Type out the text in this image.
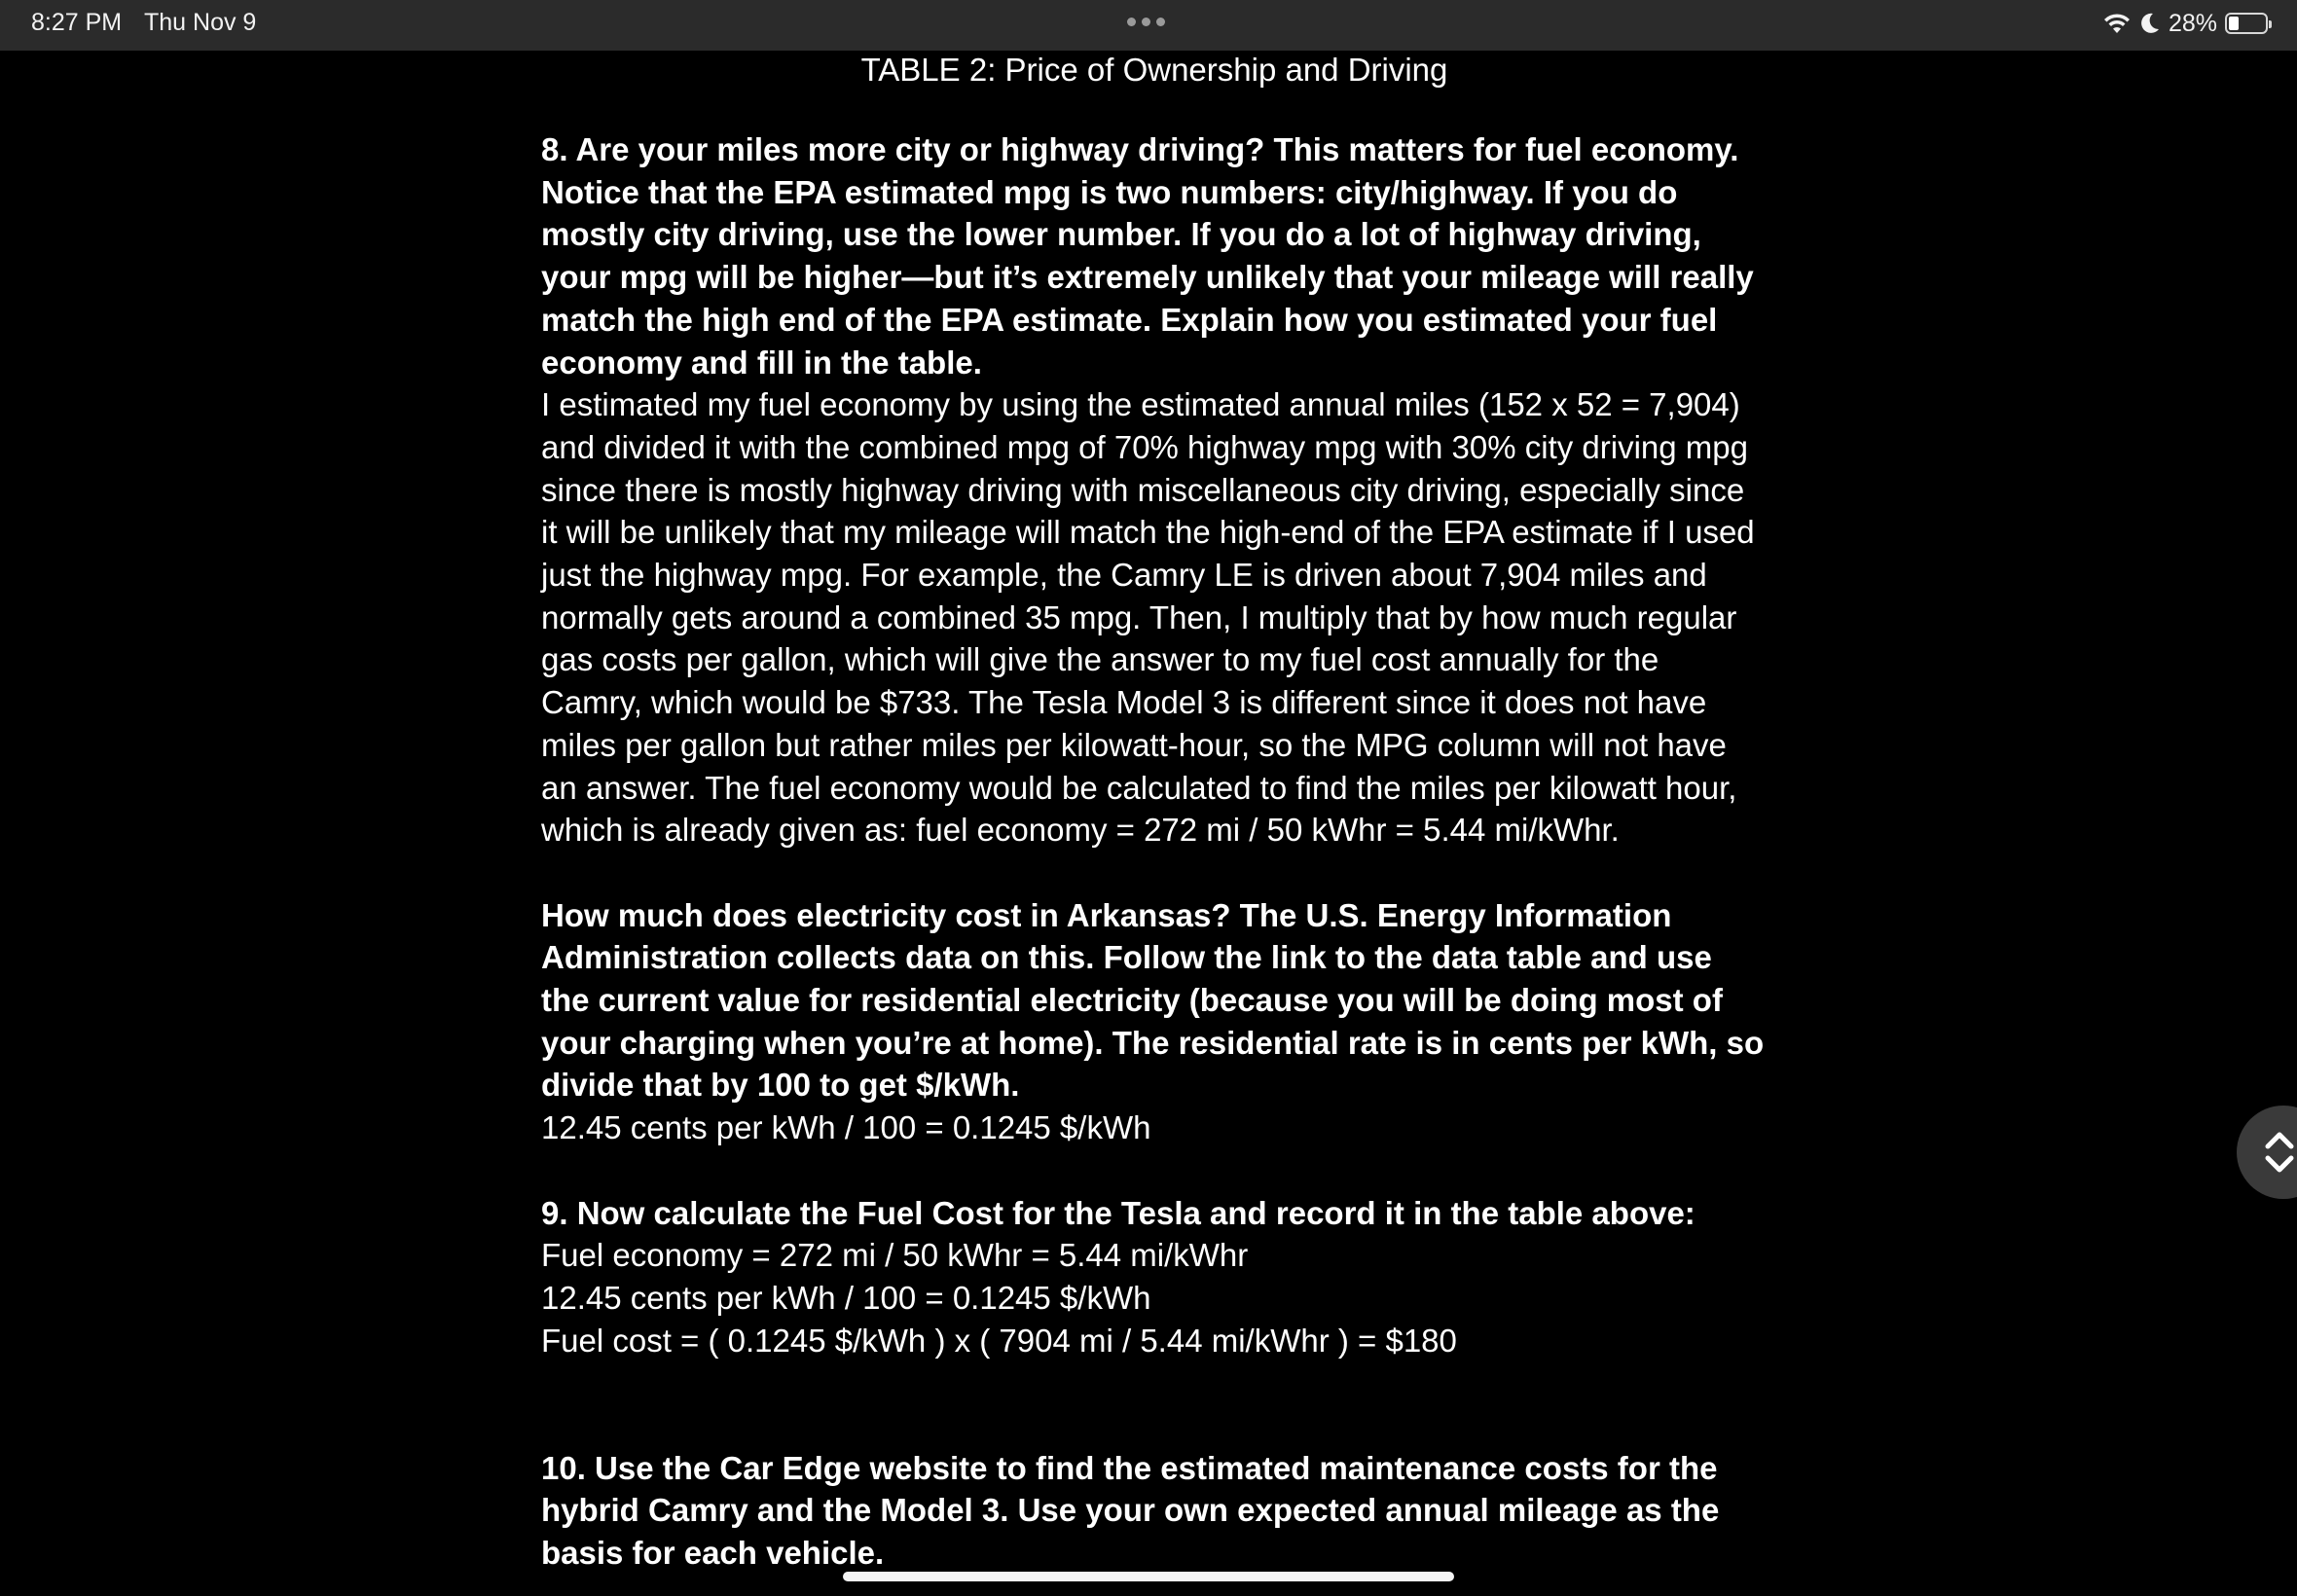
8:27 PM Thu Nov 9	28%
TABLE 2: Price of Ownership and Driving

8. Are your miles more city or highway driving? This matters for fuel economy. Notice that the EPA estimated mpg is two numbers: city/highway. If you do mostly city driving, use the lower number. If you do a lot of highway driving, your mpg will be higher—but it’s extremely unlikely that your mileage will really match the high end of the EPA estimate. Explain how you estimated your fuel economy and fill in the table.

I estimated my fuel economy by using the estimated annual miles (152 x 52 = 7,904) and divided it with the combined mpg of 70% highway mpg with 30% city driving mpg since there is mostly highway driving with miscellaneous city driving, especially since it will be unlikely that my mileage will match the high-end of the EPA estimate if I used just the highway mpg. For example, the Camry LE is driven about 7,904 miles and normally gets around a combined 35 mpg. Then, I multiply that by how much regular gas costs per gallon, which will give the answer to my fuel cost annually for the Camry, which would be $733. The Tesla Model 3 is different since it does not have miles per gallon but rather miles per kilowatt-hour, so the MPG column will not have an answer. The fuel economy would be calculated to find the miles per kilowatt hour, which is already given as: fuel economy = 272 mi / 50 kWhr = 5.44 mi/kWhr.

How much does electricity cost in Arkansas? The U.S. Energy Information Administration collects data on this. Follow the link to the data table and use the current value for residential electricity (because you will be doing most of your charging when you’re at home). The residential rate is in cents per kWh, so divide that by 100 to get $/kWh.

12.45 cents per kWh / 100 = 0.1245 $/kWh

9. Now calculate the Fuel Cost for the Tesla and record it in the table above:

Fuel economy = 272 mi / 50 kWhr = 5.44 mi/kWhr

12.45 cents per kWh / 100 = 0.1245 $/kWh

Fuel cost = ( 0.1245 $/kWh ) x ( 7904 mi / 5.44 mi/kWhr ) = $180

10. Use the Car Edge website to find the estimated maintenance costs for the hybrid Camry and the Model 3. Use your own expected annual mileage as the basis for each vehicle.
